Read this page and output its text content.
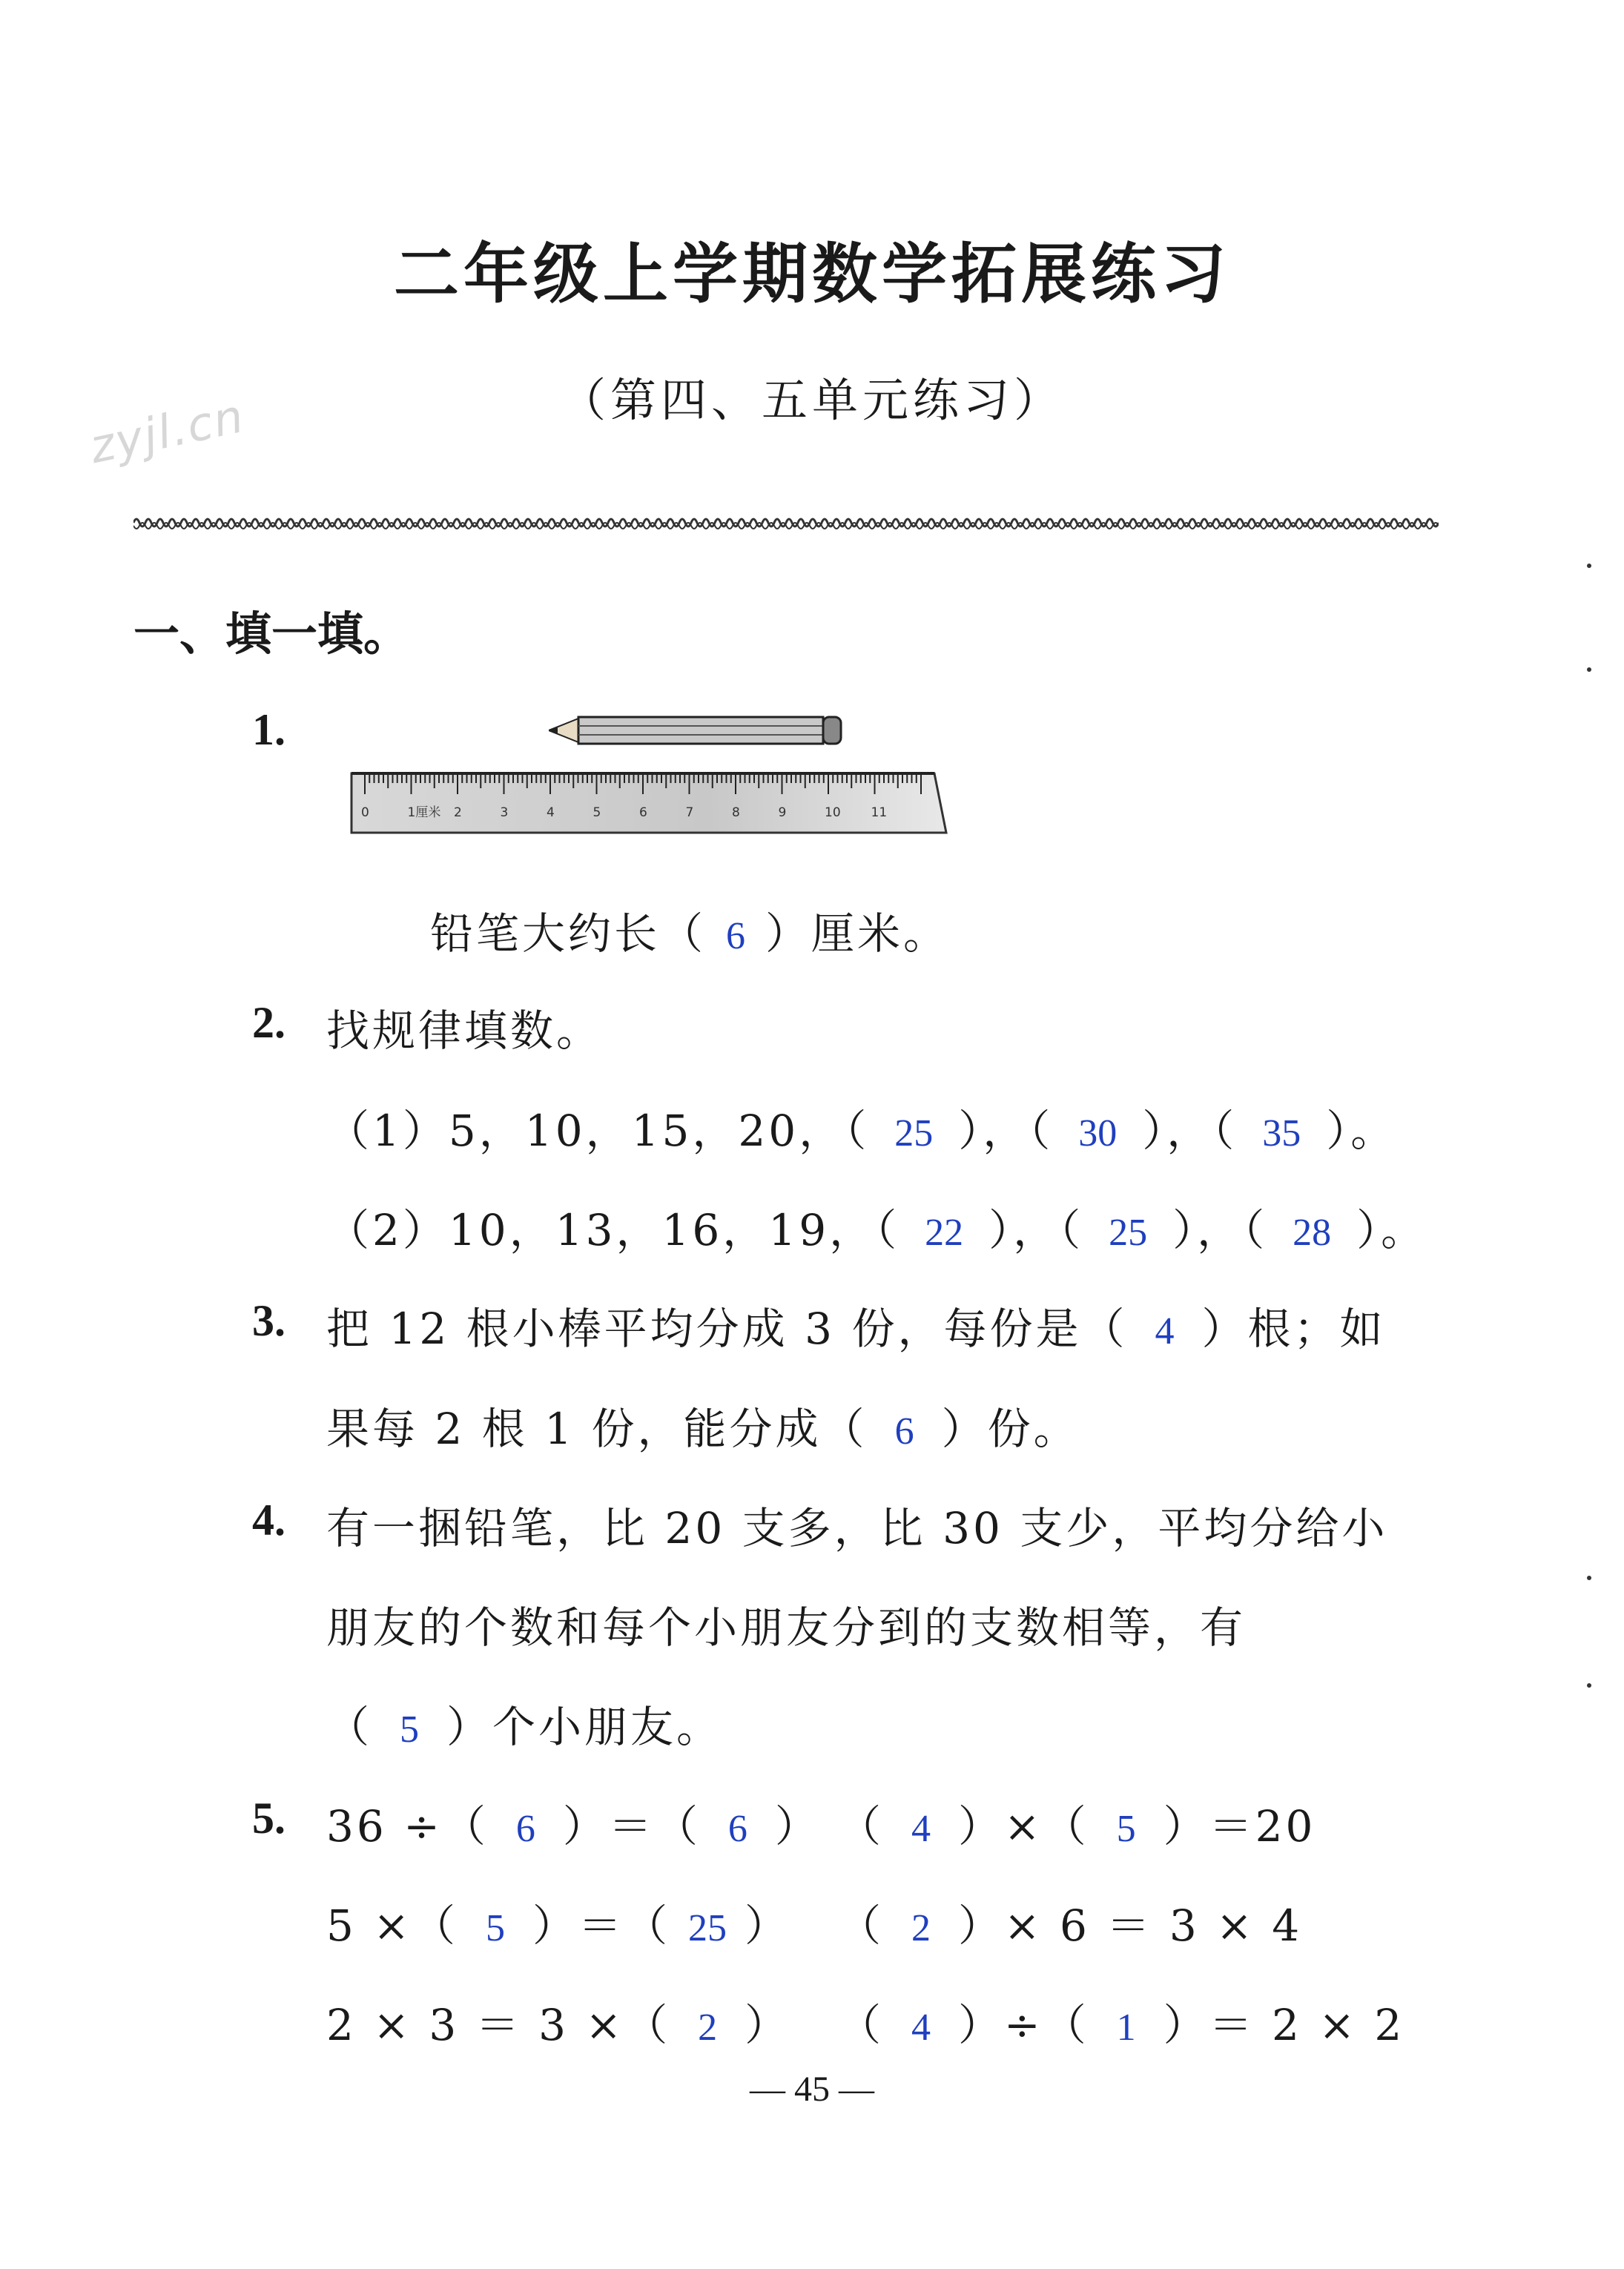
二年级上学期数学拓展练习
（第四、五单元练习）
zyjl.cn
一、填一填。
1.
0	1厘米 2	3	4	5	6	7	8	9	10 11
铅笔大约长（ 6 ）厘米。
2. 找规律填数。
（1）5，10，15，20，（ 25 ），（ 30 ），（ 35 ）。
（2）10，13，16，19，（ 22 ），（ 25 ），（ 28 ）。
3. 把 12 根小棒平均分成 3 份，每份是（ 4 ）根；如
果每 2 根 1 份，能分成（ 6 ）份。
4. 有一捆铅笔，比 20 支多，比 30 支少，平均分给小
朋友的个数和每个小朋友分到的支数相等，有
（ 5 ）个小朋友。
5. 36 ÷（ 6 ）＝（ 6 ） （ 4 ）×（ 5 ）＝20
5 ×（ 5 ）＝（ 25 ） （ 2 ）× 6 ＝ 3 × 4
2 × 3 ＝ 3 ×（ 2 ） （ 4 ）÷（ 1 ）＝ 2 × 2
— 45 —
